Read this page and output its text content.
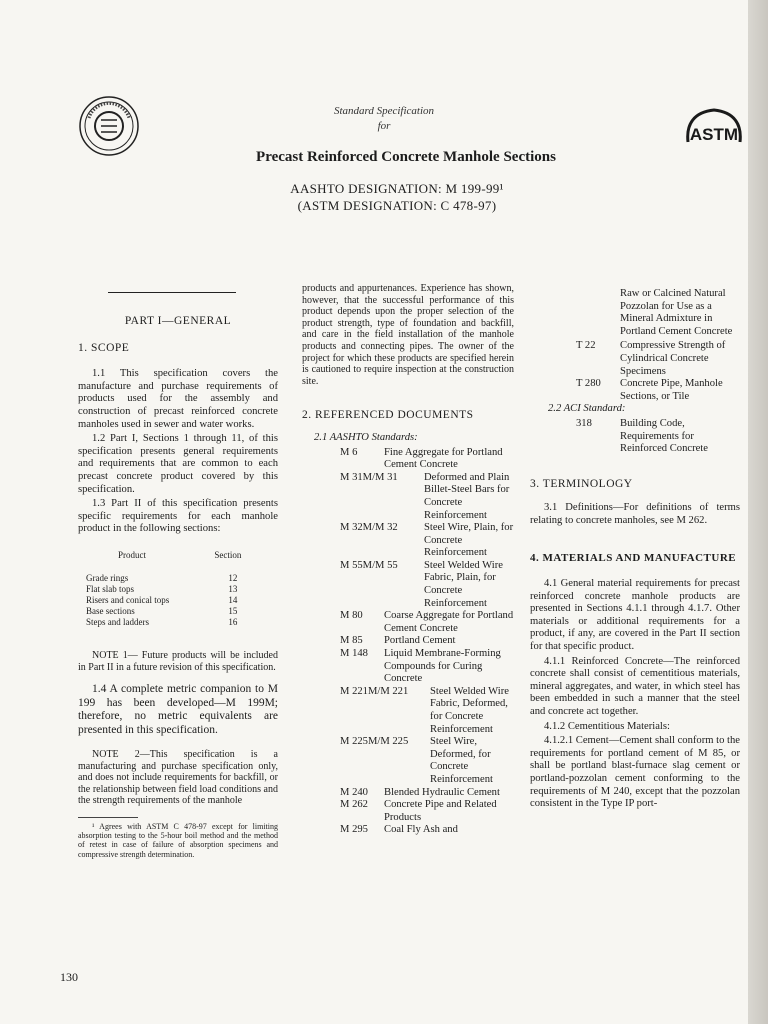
ASTM
Standard Specification
for
Precast Reinforced Concrete Manhole Sections
AASHTO DESIGNATION: M 199-99¹
(ASTM DESIGNATION: C 478-97)

PART I—GENERAL

1. SCOPE

1.1 This specification covers the manufacture and purchase requirements of products used for the assembly and construction of precast reinforced concrete manholes used in sewer and water works.

1.2 Part I, Sections 1 through 11, of this specification presents general requirements and requirements that are common to each precast concrete product covered by this specification.

1.3 Part II of this specification presents specific requirements for each manhole product in the following sections:

Product	Section
Grade rings	12
Flat slab tops	13
Risers and conical tops	14
Base sections	15
Steps and ladders	16

NOTE 1— Future products will be included in Part II in a future revision of this specification.

1.4 A complete metric companion to M 199 has been developed—M 199M; therefore, no metric equivalents are presented in this specification.

NOTE 2—This specification is a manufacturing and purchase specification only, and does not include requirements for backfill, or the relationship between field load conditions and the strength requirements of the manhole

¹ Agrees with ASTM C 478-97 except for limiting absorption testing to the 5-hour boil method and the method of retest in case of failure of absorption specimens and compressive strength determination.

products and appurtenances. Experience has shown, however, that the successful performance of this product depends upon the proper selection of the product strength, type of foundation and backfill, and care in the field installation of the manhole products and connecting pipes. The owner of the project for which these products are specified herein is cautioned to require inspection at the construction site.

2. REFERENCED DOCUMENTS

2.1 AASHTO Standards:

M 6	Fine Aggregate for Portland Cement Concrete
M 31M/M 31	Deformed and Plain Billet-Steel Bars for Concrete Reinforcement
M 32M/M 32	Steel Wire, Plain, for Concrete Reinforcement
M 55M/M 55	Steel Welded Wire Fabric, Plain, for Concrete Reinforcement
M 80	Coarse Aggregate for Portland Cement Concrete
M 85	Portland Cement
M 148	Liquid Membrane-Forming Compounds for Curing Concrete
M 221M/M 221	Steel Welded Wire Fabric, Deformed, for Concrete Reinforcement
M 225M/M 225	Steel Wire, Deformed, for Concrete Reinforcement
M 240	Blended Hydraulic Cement
M 262	Concrete Pipe and Related Products
M 295	Coal Fly Ash and

Raw or Calcined Natural Pozzolan for Use as a Mineral Admixture in Portland Cement Concrete

T 22	Compressive Strength of Cylindrical Concrete Specimens
T 280	Concrete Pipe, Manhole Sections, or Tile

2.2 ACI Standard:

318	Building Code, Requirements for Reinforced Concrete

3. TERMINOLOGY

3.1 Definitions—For definitions of terms relating to concrete manholes, see M 262.

4. MATERIALS AND MANUFACTURE

4.1 General material requirements for precast reinforced concrete manhole products are presented in Sections 4.1.1 through 4.1.7. Other materials or additional requirements for a product, if any, are covered in the Part II section for that specific product.

4.1.1 Reinforced Concrete—The reinforced concrete shall consist of cementitious materials, mineral aggregates, and water, in which steel has been embedded in such a manner that the steel and concrete act together.

4.1.2 Cementitious Materials:

4.1.2.1 Cement—Cement shall conform to the requirements for portland cement of M 85, or shall be portland blast-furnace slag cement or portland-pozzolan cement conforming to the requirements of M 240, except that the pozzolan consistent in the Type IP port-

130
